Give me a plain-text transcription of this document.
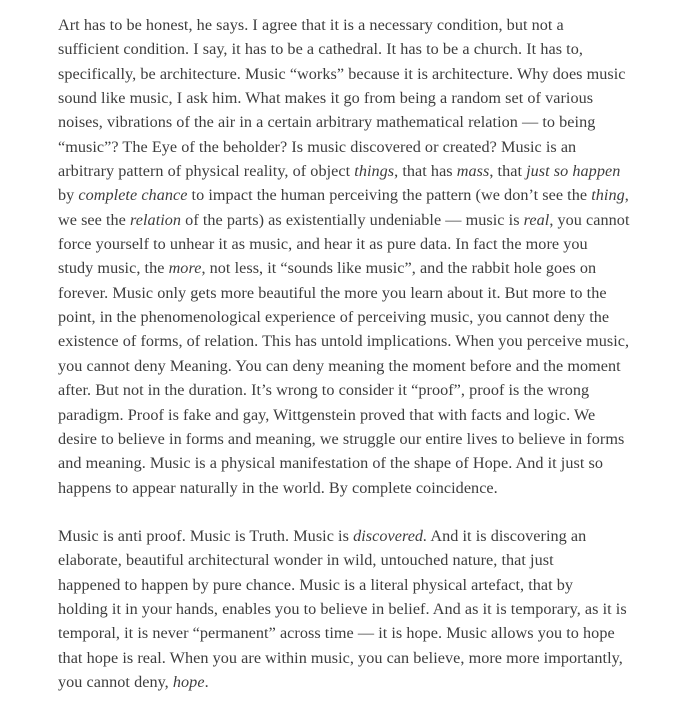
Art has to be honest, he says. I agree that it is a necessary condition, but not a
sufficient condition. I say, it has to be a cathedral. It has to be a church. It has to,
specifically, be architecture. Music “works” because it is architecture. Why does music
sound like music, I ask him. What makes it go from being a random set of various
noises, vibrations of the air in a certain arbitrary mathematical relation — to being
“music”? The Eye of the beholder? Is music discovered or created? Music is an
arbitrary pattern of physical reality, of object things, that has mass, that just so happen
by complete chance to impact the human perceiving the pattern (we don’t see the thing,
we see the relation of the parts) as existentially undeniable — music is real, you cannot
force yourself to unhear it as music, and hear it as pure data. In fact the more you
study music, the more, not less, it “sounds like music”, and the rabbit hole goes on
forever. Music only gets more beautiful the more you learn about it. But more to the
point, in the phenomenological experience of perceiving music, you cannot deny the
existence of forms, of relation. This has untold implications. When you perceive music,
you cannot deny Meaning. You can deny meaning the moment before and the moment
after. But not in the duration. It’s wrong to consider it “proof”, proof is the wrong
paradigm. Proof is fake and gay, Wittgenstein proved that with facts and logic. We
desire to believe in forms and meaning, we struggle our entire lives to believe in forms
and meaning. Music is a physical manifestation of the shape of Hope. And it just so
happens to appear naturally in the world. By complete coincidence.

Music is anti proof. Music is Truth. Music is discovered. And it is discovering an
elaborate, beautiful architectural wonder in wild, untouched nature, that just
happened to happen by pure chance. Music is a literal physical artefact, that by
holding it in your hands, enables you to believe in belief. And as it is temporary, as it is
temporal, it is never “permanent” across time — it is hope. Music allows you to hope
that hope is real. When you are within music, you can believe, more more importantly,
you cannot deny, hope.
